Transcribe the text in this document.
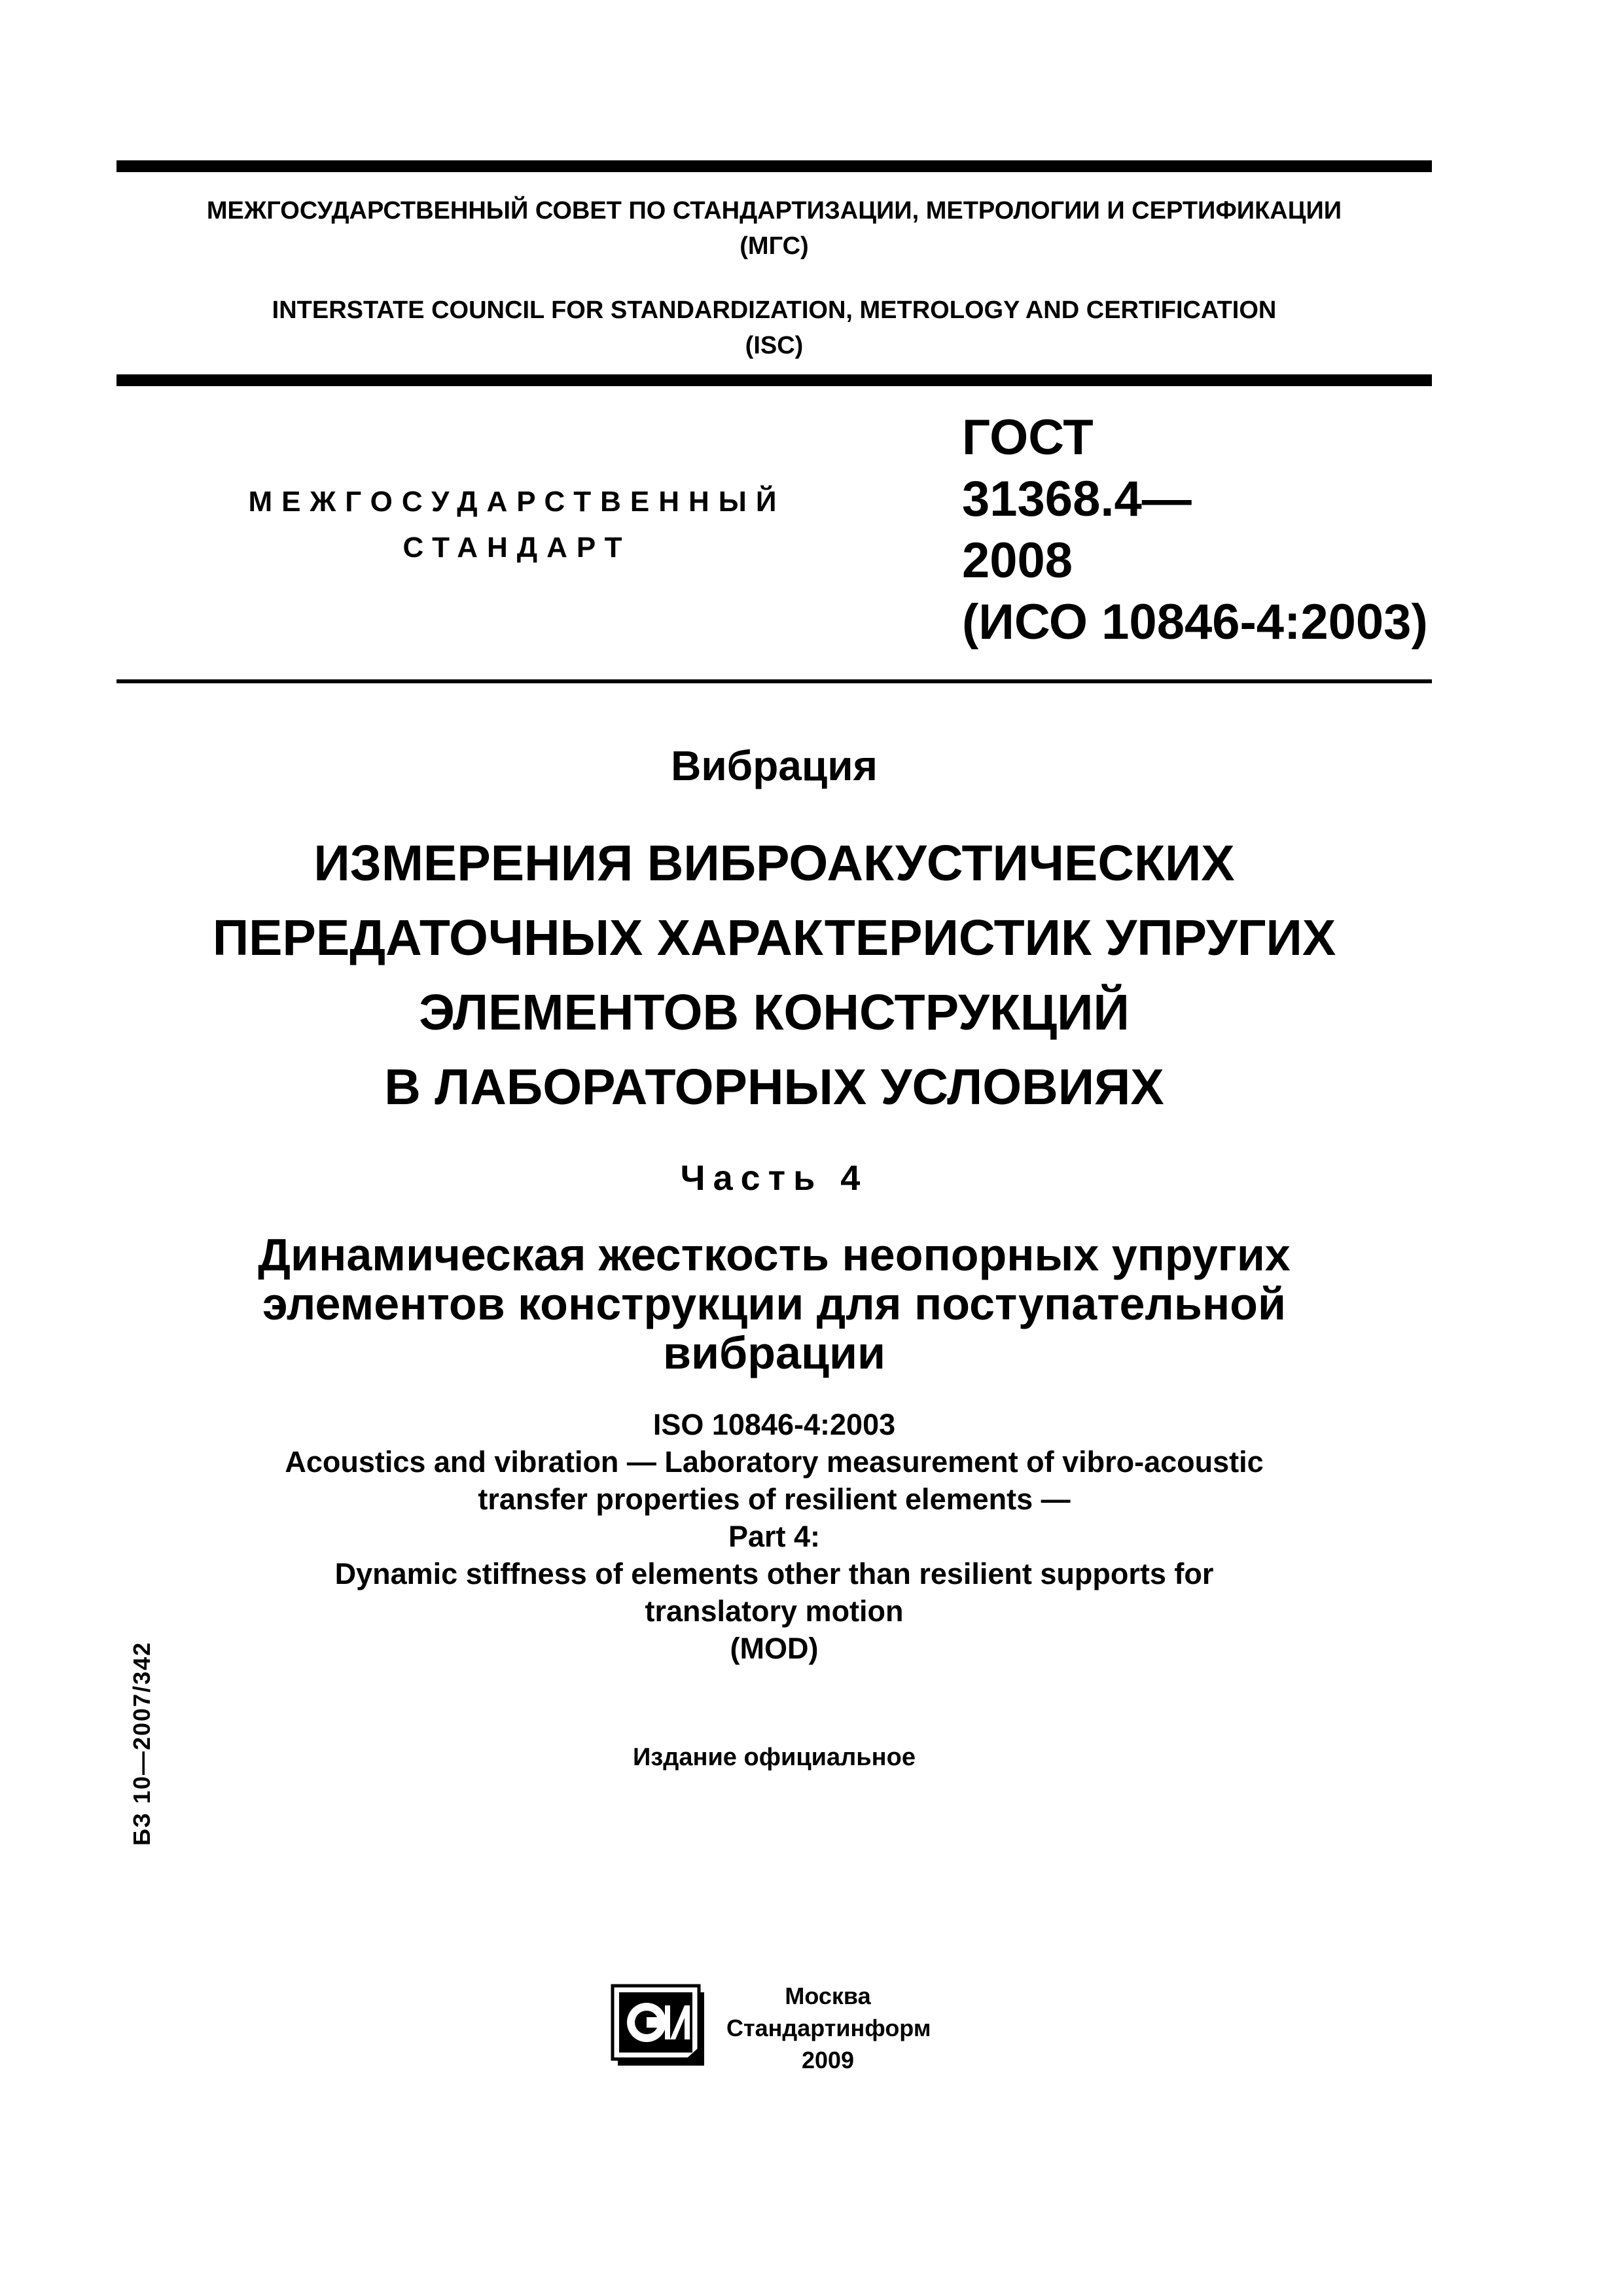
МЕЖГОСУДАРСТВЕННЫЙ СОВЕТ ПО СТАНДАРТИЗАЦИИ, МЕТРОЛОГИИ И СЕРТИФИКАЦИИ
(МГС)
INTERSTATE COUNCIL FOR STANDARDIZATION, METROLOGY AND CERTIFICATION
(ISC)
МЕЖГОСУДАРСТВЕННЫЙ
СТАНДАРТ
ГОСТ
31368.4—
2008
(ИСО 10846-4:2003)
Вибрация
ИЗМЕРЕНИЯ ВИБРОАКУСТИЧЕСКИХ
ПЕРЕДАТОЧНЫХ ХАРАКТЕРИСТИК УПРУГИХ
ЭЛЕМЕНТОВ КОНСТРУКЦИЙ
В ЛАБОРАТОРНЫХ УСЛОВИЯХ
Часть 4
Динамическая жесткость неопорных упругих
элементов конструкции для поступательной
вибрации
ISO 10846-4:2003
Acoustics and vibration — Laboratory measurement of vibro-acoustic
transfer properties of resilient elements —
Part 4:
Dynamic stiffness of elements other than resilient supports for
translatory motion
(MOD)
Издание официальное
БЗ 10—2007/342
Москва
Стандартинформ
2009
